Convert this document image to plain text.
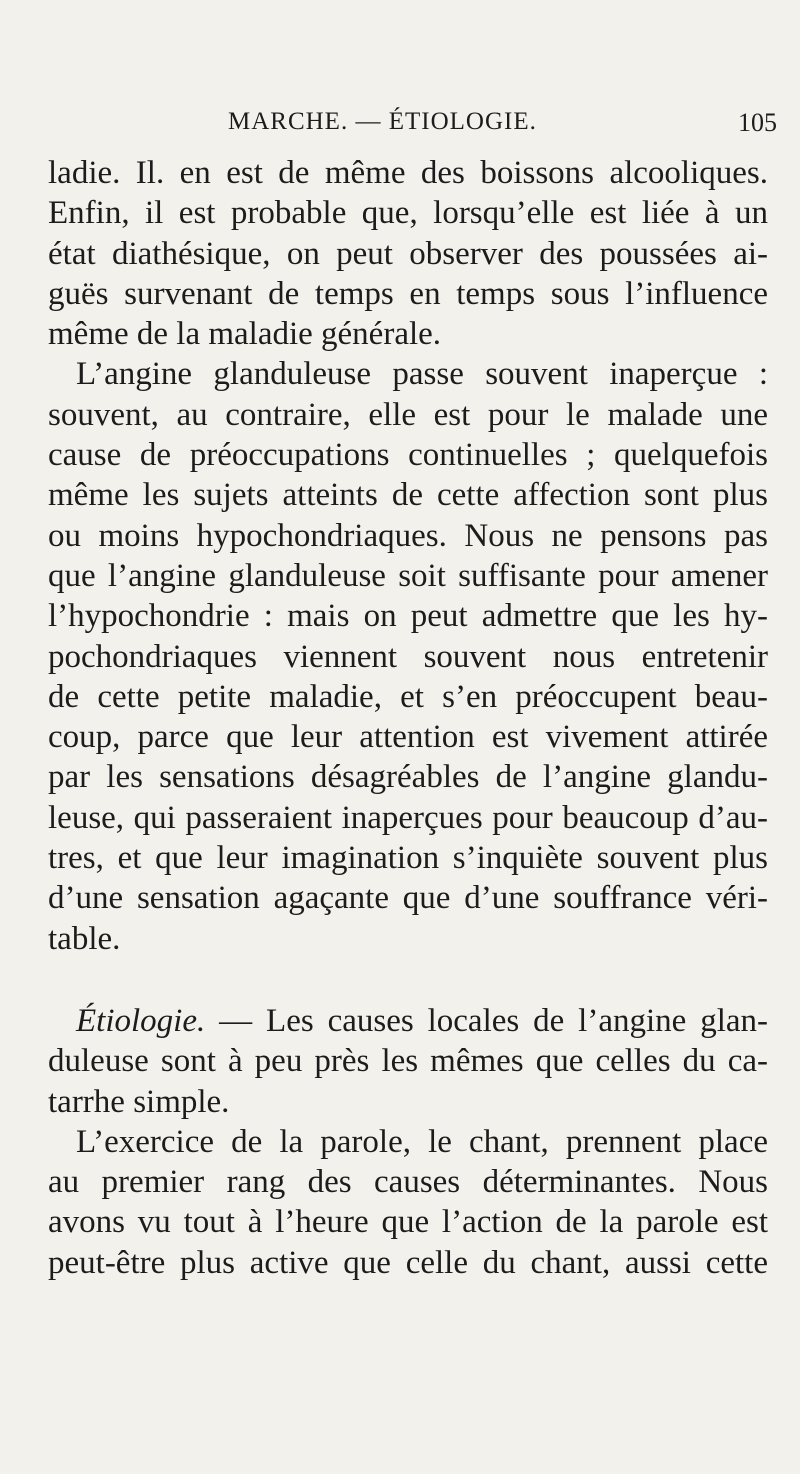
MARCHE. — ÉTIOLOGIE.	105
ladie. Il. en est de même des boissons alcooliques.
Enfin, il est probable que, lorsqu’elle est liée à un
état diathésique, on peut observer des poussées ai-
guës survenant de temps en temps sous l’influence
même de la maladie générale.
L’angine glanduleuse passe souvent inaperçue :
souvent, au contraire, elle est pour le malade une
cause de préoccupations continuelles ; quelquefois
même les sujets atteints de cette affection sont plus
ou moins hypochondriaques. Nous ne pensons pas
que l’angine glanduleuse soit suffisante pour amener
l’hypochondrie : mais on peut admettre que les hy-
pochondriaques viennent souvent nous entretenir
de cette petite maladie, et s’en préoccupent beau-
coup, parce que leur attention est vivement attirée
par les sensations désagréables de l’angine glandu-
leuse, qui passeraient inaperçues pour beaucoup d’au-
tres, et que leur imagination s’inquiète souvent plus
d’une sensation agaçante que d’une souffrance véri-
table.
Étiologie. — Les causes locales de l’angine glan-
duleuse sont à peu près les mêmes que celles du ca-
tarrhe simple.
L’exercice de la parole, le chant, prennent place
au premier rang des causes déterminantes. Nous
avons vu tout à l’heure que l’action de la parole est
peut-être plus active que celle du chant, aussi cette
